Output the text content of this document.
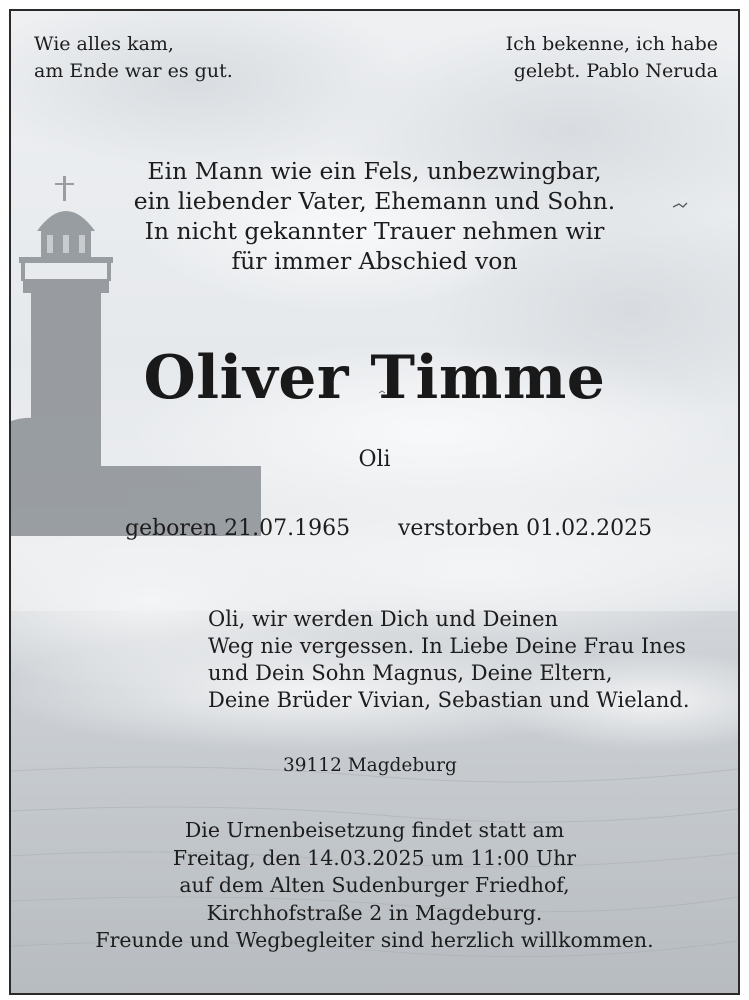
Wie alles kam,
am Ende war es gut.
Ich bekenne, ich habe
gelebt. Pablo Neruda
Ein Mann wie ein Fels, unbezwingbar,
ein liebender Vater, Ehemann und Sohn.
In nicht gekannter Trauer nehmen wir
für immer Abschied von
Oliver Timme
Oli
geboren 21.07.1965 verstorben 01.02.2025
Oli, wir werden Dich und Deinen
Weg nie vergessen. In Liebe Deine Frau Ines
und Dein Sohn Magnus, Deine Eltern,
Deine Brüder Vivian, Sebastian und Wieland.
39112 Magdeburg
Die Urnenbeisetzung findet statt am
Freitag, den 14.03.2025 um 11:00 Uhr
auf dem Alten Sudenburger Friedhof,
Kirchhofstraße 2 in Magdeburg.
Freunde und Wegbegleiter sind herzlich willkommen.
